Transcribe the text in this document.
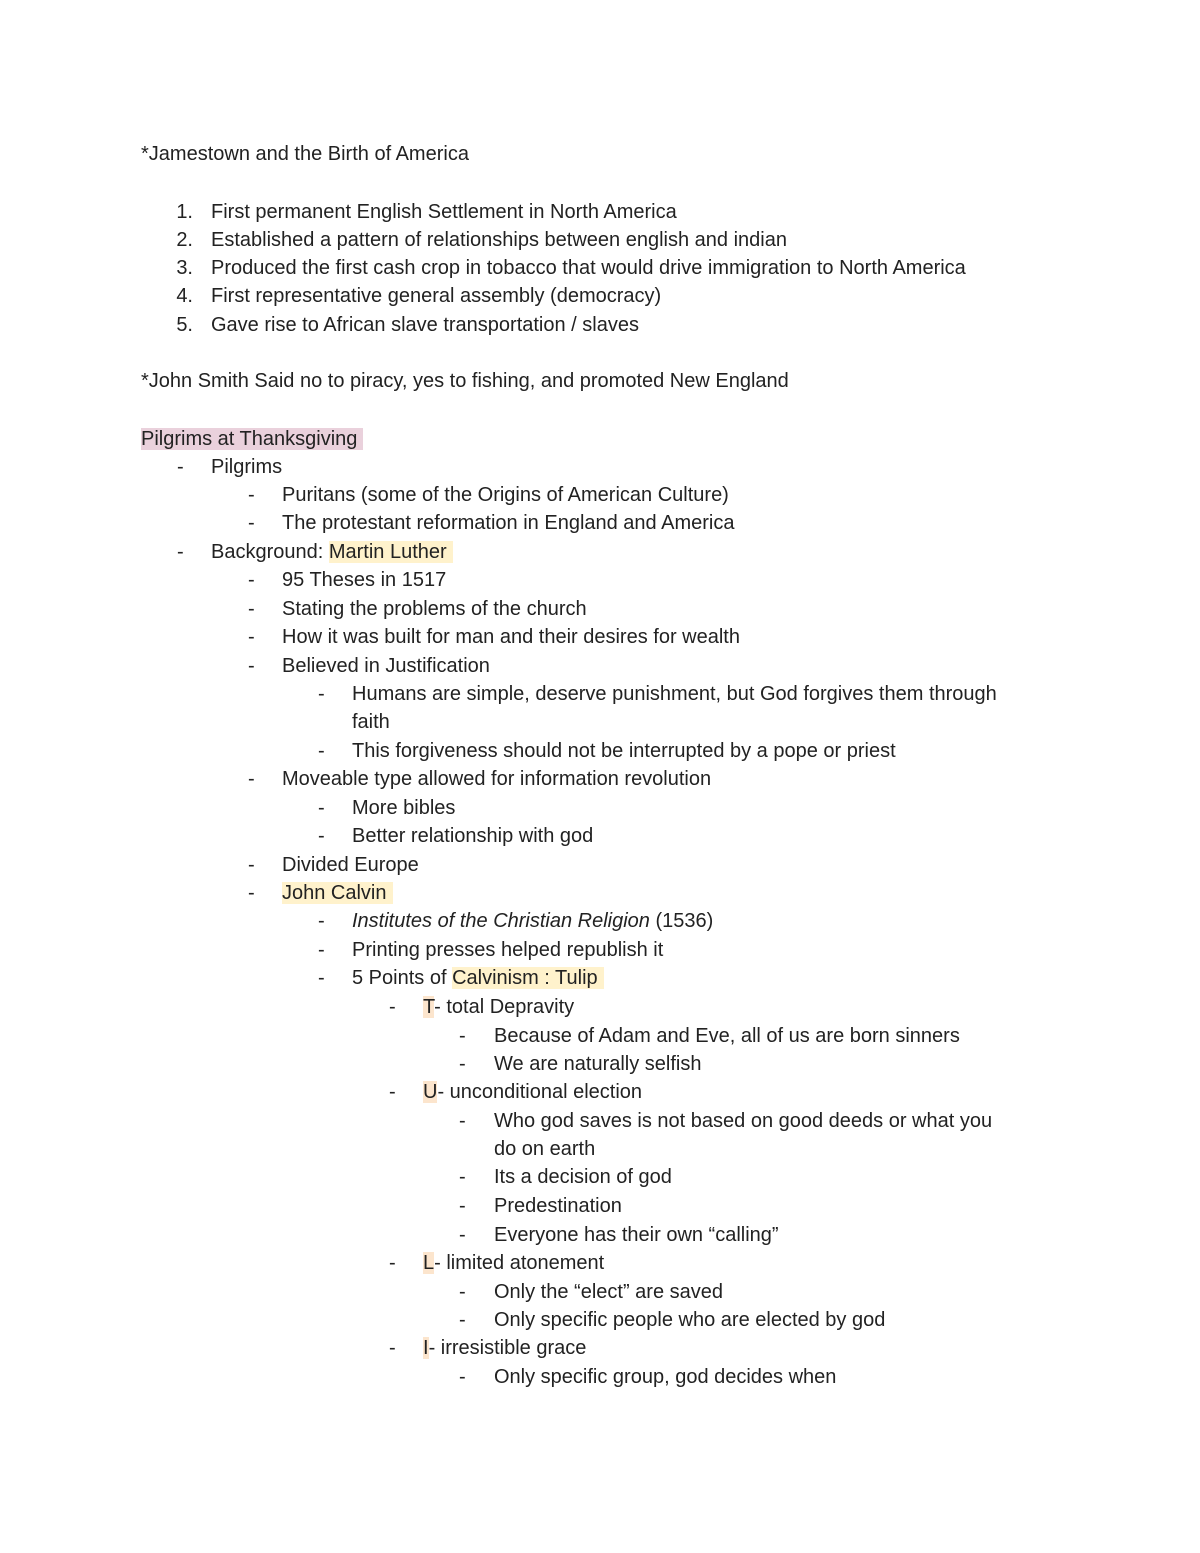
*Jamestown and the Birth of America
1. First permanent English Settlement in North America
2. Established a pattern of relationships between english and indian
3. Produced the first cash crop in tobacco that would drive immigration to North America
4. First representative general assembly (democracy)
5. Gave rise to African slave transportation / slaves
*John Smith Said no to piracy, yes to fishing, and promoted New England
Pilgrims at Thanksgiving
- Pilgrims
- Puritans (some of the Origins of American Culture)
- The protestant reformation in England and America
- Background: Martin Luther
- 95 Theses in 1517
- Stating the problems of the church
- How it was built for man and their desires for wealth
- Believed in Justification
- Humans are simple, deserve punishment, but God forgives them through
faith
- This forgiveness should not be interrupted by a pope or priest
- Moveable type allowed for information revolution
- More bibles
- Better relationship with god
- Divided Europe
- John Calvin
- Institutes of the Christian Religion (1536)
- Printing presses helped republish it
- 5 Points of Calvinism : Tulip
- T- total Depravity
- Because of Adam and Eve, all of us are born sinners
- We are naturally selfish
- U- unconditional election
- Who god saves is not based on good deeds or what you
do on earth
- Its a decision of god
- Predestination
- Everyone has their own “calling”
- L- limited atonement
- Only the “elect” are saved
- Only specific people who are elected by god
- I- irresistible grace
- Only specific group, god decides when
